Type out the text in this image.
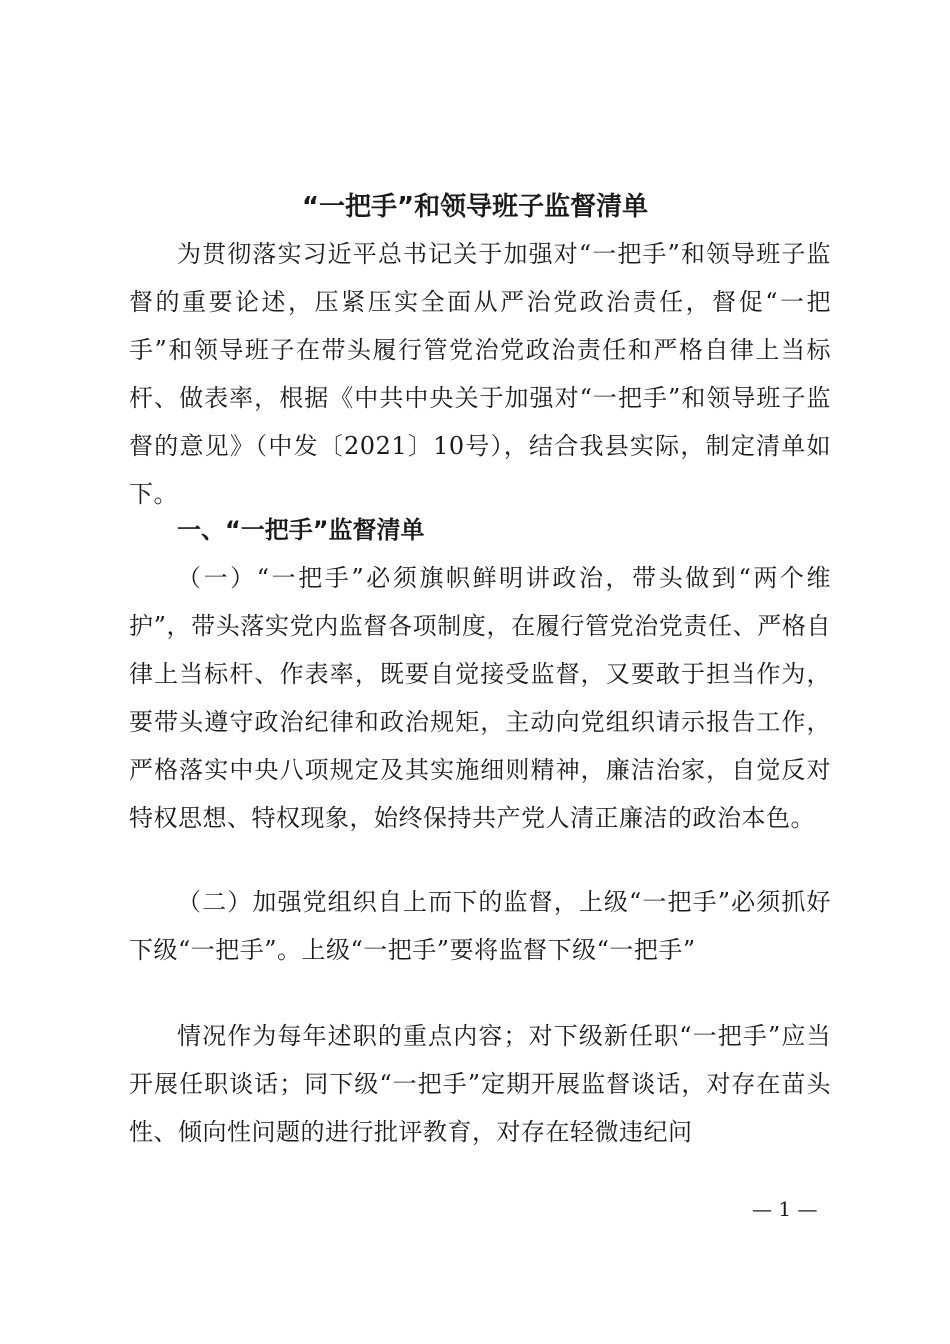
“一把手”和领导班子监督清单

为贯彻落实习近平总书记关于加强对“一把手”和领导班子监督的重要论述，压紧压实全面从严治党政治责任，督促“一把手”和领导班子在带头履行管党治党政治责任和严格自律上当标杆、做表率，根据《中共中央关于加强对“一把手”和领导班子监督的意见》（中发〔2021〕10号），结合我县实际，制定清单如下。

一、“一把手”监督清单

（一）“一把手”必须旗帜鲜明讲政治，带头做到“两个维护”，带头落实党内监督各项制度，在履行管党治党责任、严格自律上当标杆、作表率，既要自觉接受监督，又要敢于担当作为，要带头遵守政治纪律和政治规矩，主动向党组织请示报告工作，严格落实中央八项规定及其实施细则精神，廉洁治家，自觉反对特权思想、特权现象，始终保持共产党人清正廉洁的政治本色。

（二）加强党组织自上而下的监督，上级“一把手”必须抓好下级“一把手”。上级“一把手”要将监督下级“一把手”

情况作为每年述职的重点内容；对下级新任职“一把手”应当开展任职谈话；同下级“一把手”定期开展监督谈话，对存在苗头性、倾向性问题的进行批评教育，对存在轻微违纪问

— 1 —
